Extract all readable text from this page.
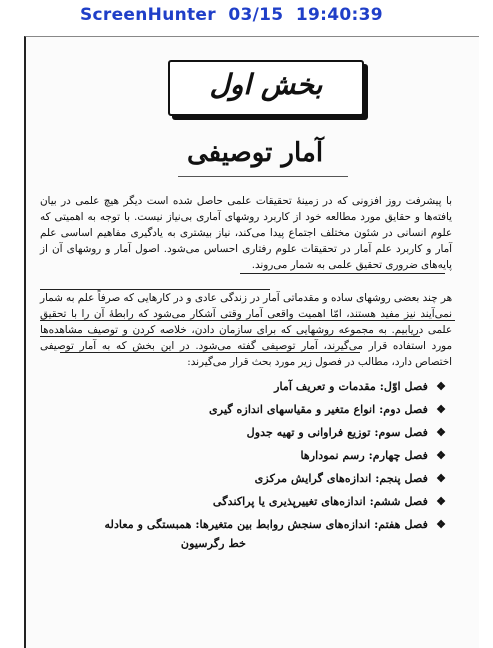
ScreenHunter 03/15 19:40:39
بخش اول
آمار توصیفی
با پیشرفت روز افزونی که در زمینهٔ تحقیقات علمی حاصل شده است دیگر هیچ علمی در بیان یافته‌ها و حقایق مورد مطالعه خود از کاربرد روشهای آماری بی‌نیاز نیست. با توجه به اهمیتی که علوم انسانی در شئون مختلف اجتماع پیدا می‌کند، نیاز بیشتری به یادگیری مفاهیم اساسی علم آمار و کاربرد علم آمار در تحقیقات علوم رفتاری احساس می‌شود. اصول آمار و روشهای آن از پایه‌های ضروری تحقیق علمی به شمار می‌روند.
هر چند بعضی روشهای ساده و مقدماتی آمار در زندگی عادی و در کارهایی که صرفاً علم به شمار نمی‌آیند نیز مفید هستند، امّا اهمیت واقعی آمار وقتی آشکار می‌شود که رابطهٔ آن را با تحقیق علمی دریابیم. به مجموعه روشهایی که برای سازمان دادن، خلاصه کردن و توصیف مشاهده‌ها مورد استفاده قرار می‌گیرند، آمار توصیفی گفته می‌شود. در این بخش که به آمار توصیفی اختصاص دارد، مطالب در فصول زیر مورد بحث قرار می‌گیرند:
❖فصل اوّل: مقدمات و تعریف آمار
❖فصل دوم: انواع متغیر و مقیاسهای اندازه گیری
❖فصل سوم: توزیع فراوانی و تهیه جدول
❖فصل چهارم: رسم نمودارها
❖فصل پنجم: اندازه‌های گرایش مرکزی
❖فصل ششم: اندازه‌های تغییرپذیری یا پراکندگی
❖فصل هفتم: اندازه‌های سنجش روابط بین متغیرها: همبستگی و معادله
خط رگرسیون
